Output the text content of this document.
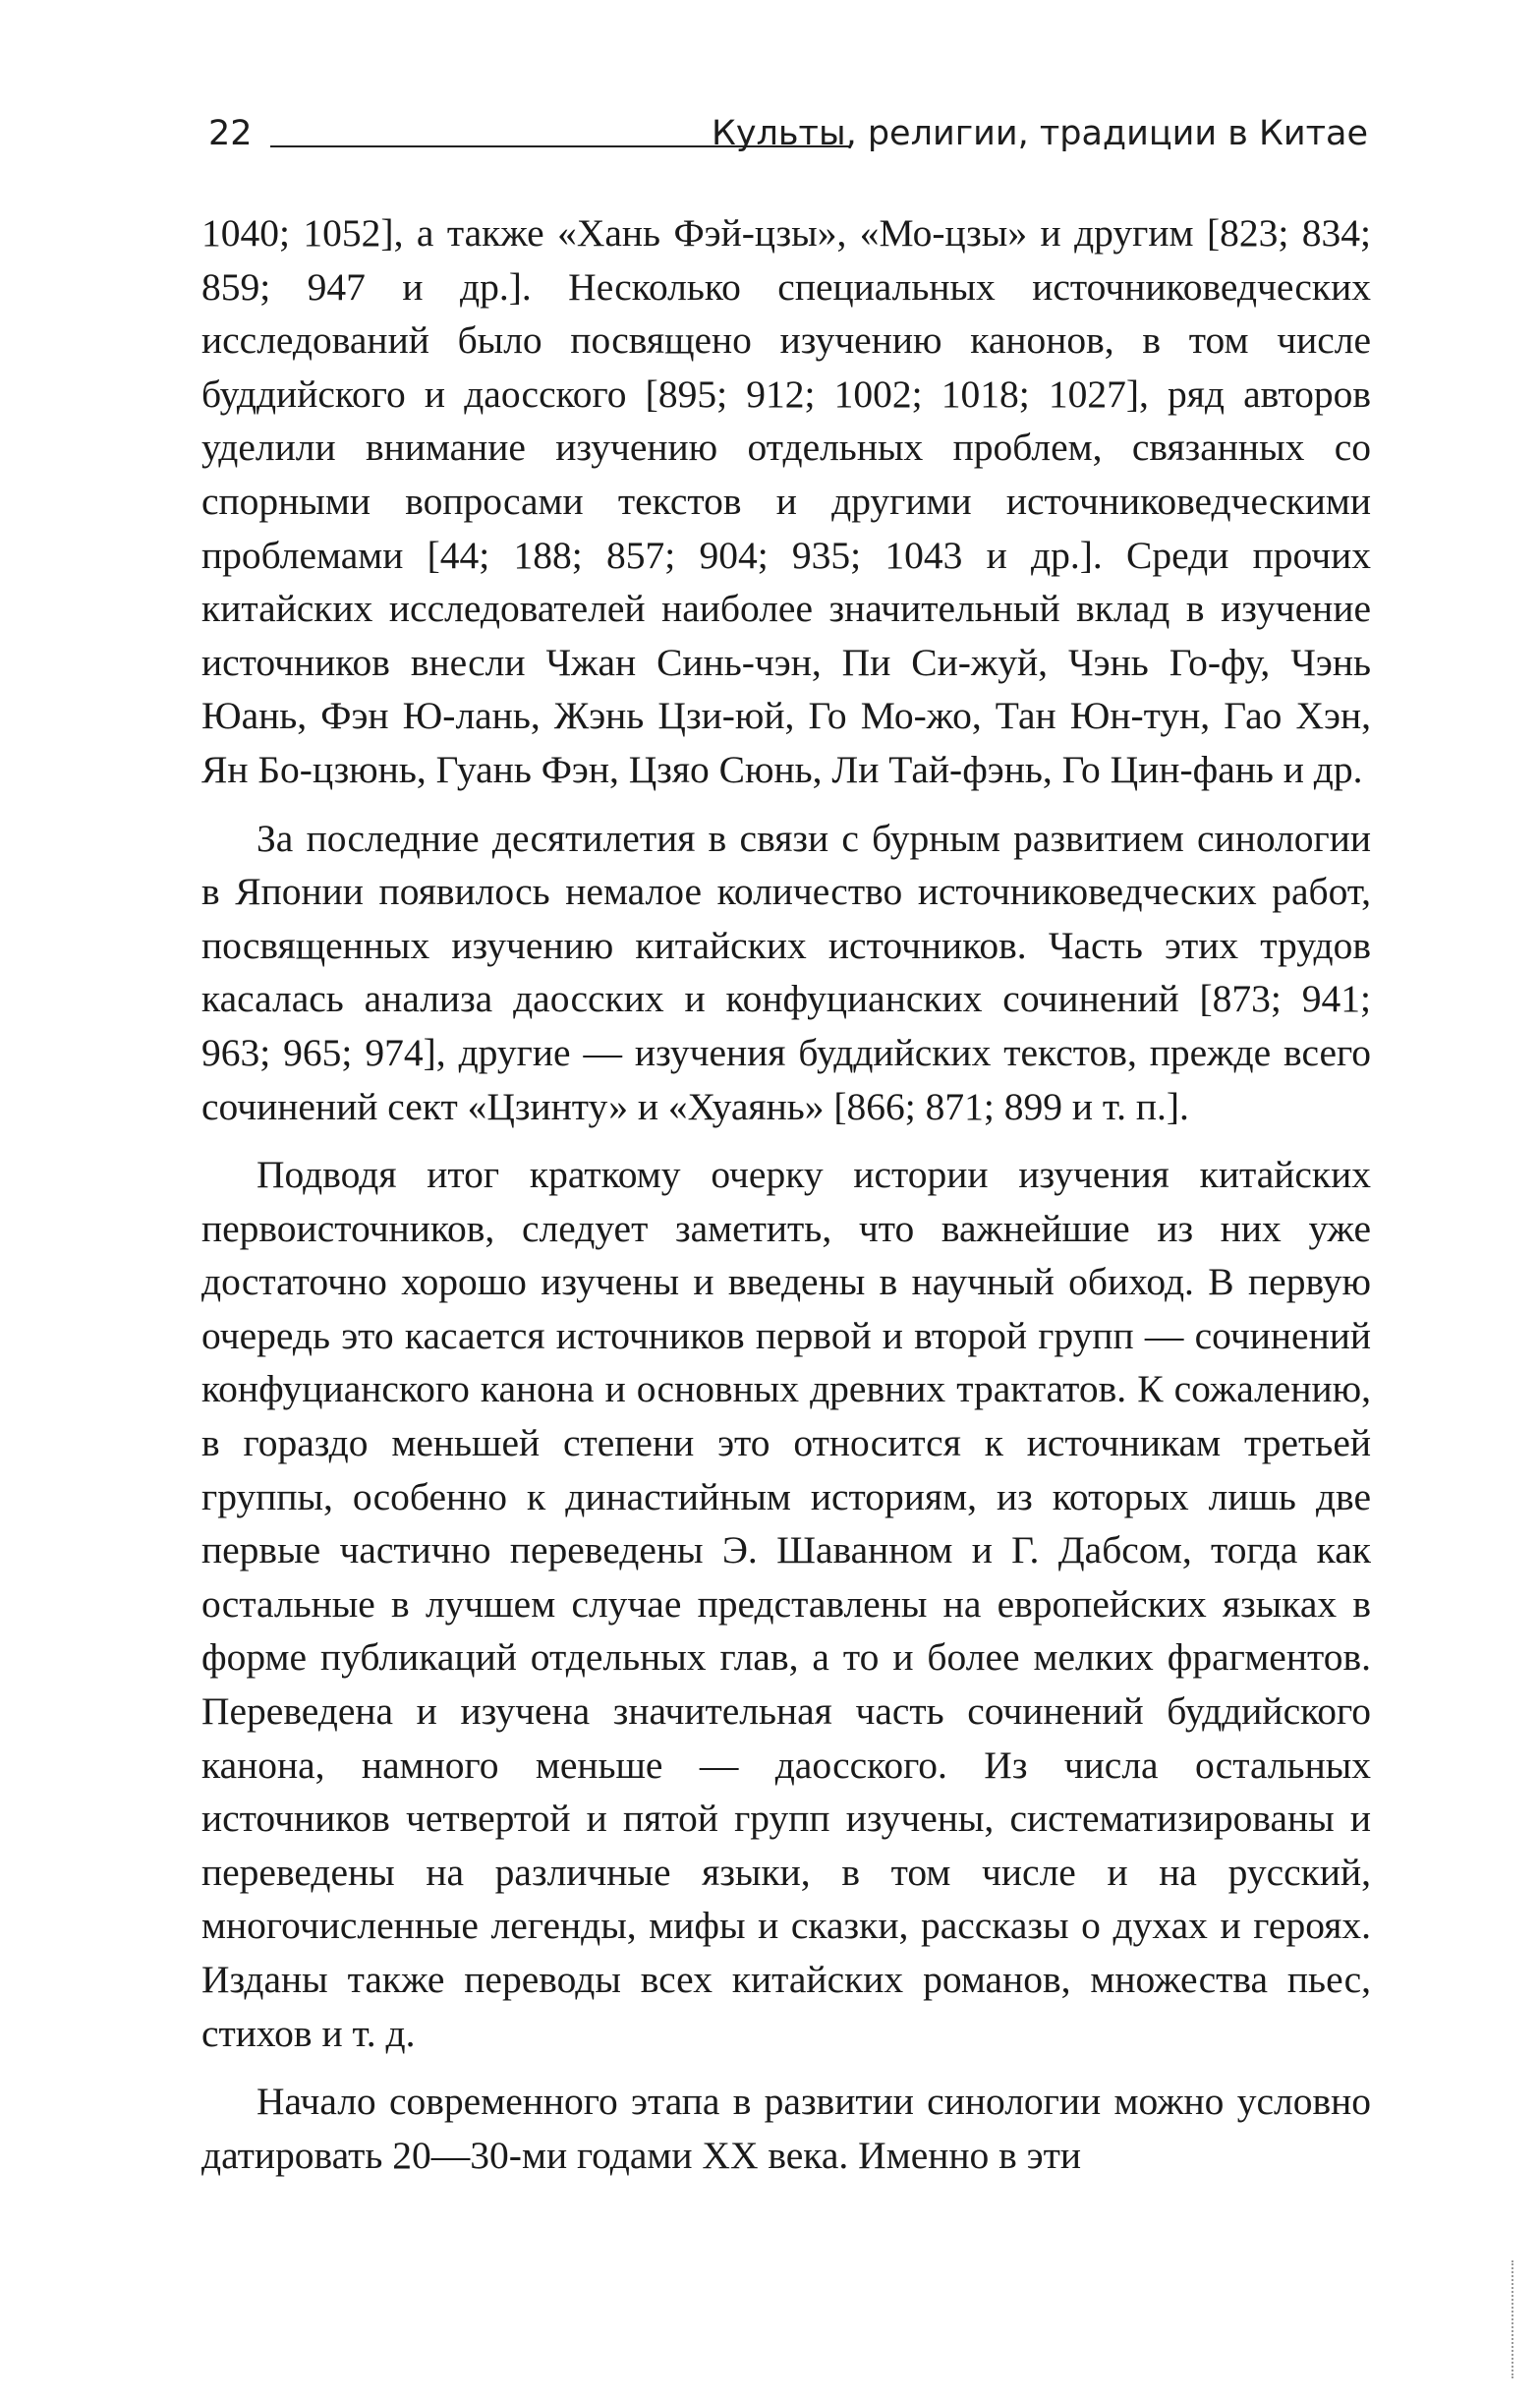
22	Культы, религии, традиции в Китае

1040; 1052], а также «Хань Фэй-цзы», «Мо-цзы» и другим [823; 834; 859; 947 и др.]. Несколько специальных источниковедческих исследований было посвящено изучению канонов, в том числе буддийского и даосского [895; 912; 1002; 1018; 1027], ряд авторов уделили внимание изучению отдельных проблем, связанных со спорными вопросами текстов и другими источниковедческими проблемами [44; 188; 857; 904; 935; 1043 и др.]. Среди прочих китайских исследователей наиболее значительный вклад в изучение источников внесли Чжан Синь-чэн, Пи Си-жуй, Чэнь Го-фу, Чэнь Юань, Фэн Ю-лань, Жэнь Цзи-юй, Го Мо-жо, Тан Юн-тун, Гао Хэн, Ян Бо-цзюнь, Гуань Фэн, Цзяо Сюнь, Ли Тай-фэнь, Го Цин-фань и др.

За последние десятилетия в связи с бурным развитием синологии в Японии появилось немалое количество источниковедческих работ, посвященных изучению китайских источников. Часть этих трудов касалась анализа даосских и конфуцианских сочинений [873; 941; 963; 965; 974], другие — изучения буддийских текстов, прежде всего сочинений сект «Цзинту» и «Хуаянь» [866; 871; 899 и т. п.].

Подводя итог краткому очерку истории изучения китайских первоисточников, следует заметить, что важнейшие из них уже достаточно хорошо изучены и введены в научный обиход. В первую очередь это касается источников первой и второй групп — сочинений конфуцианского канона и основных древних трактатов. К сожалению, в гораздо меньшей степени это относится к источникам третьей группы, особенно к династийным историям, из которых лишь две первые частично переведены Э. Шаванном и Г. Дабсом, тогда как остальные в лучшем случае представлены на европейских языках в форме публикаций отдельных глав, а то и более мелких фрагментов. Переведена и изучена значительная часть сочинений буддийского канона, намного меньше — даосского. Из числа остальных источников четвертой и пятой групп изучены, систематизированы и переведены на различные языки, в том числе и на русский, многочисленные легенды, мифы и сказки, рассказы о духах и героях. Изданы также переводы всех китайских романов, множества пьес, стихов и т. д.

Начало современного этапа в развитии синологии можно условно датировать 20—30-ми годами XX века. Именно в эти
